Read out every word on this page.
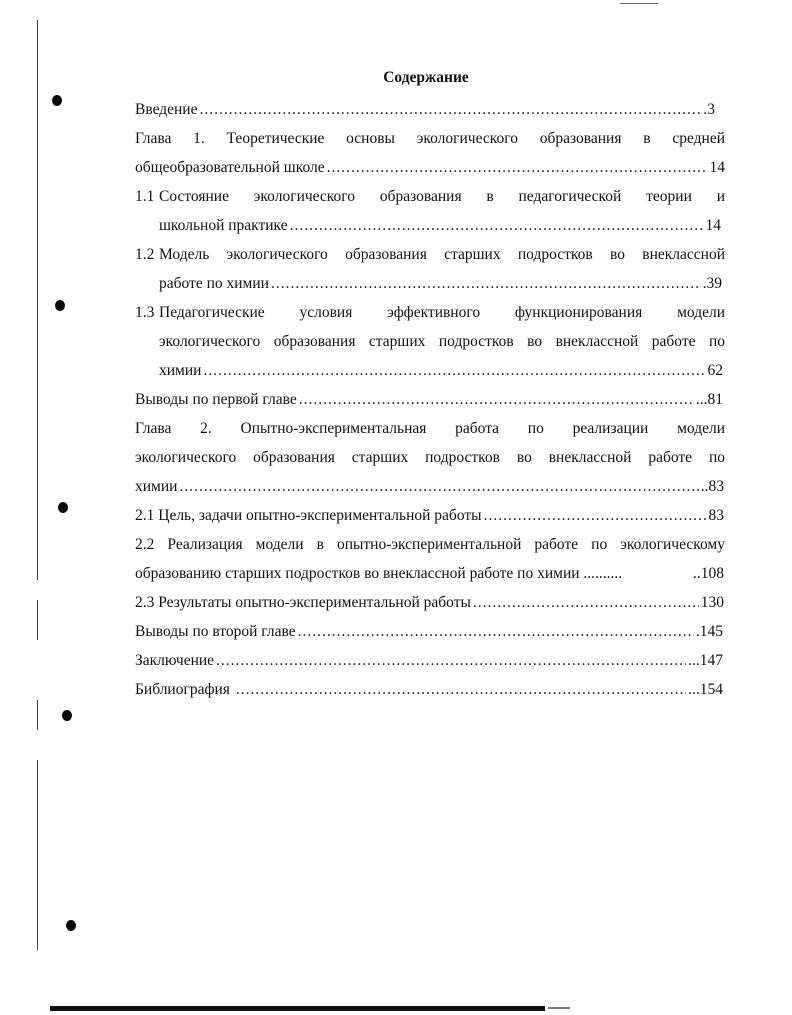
Содержание
Введение .....	.3
Глава 1. Теоретические основы экологического образования в средней
общеобразовательной школе .....	14
1.1 Состояние экологического образования в педагогической теории и
школьной практике .....	14
1.2 Модель экологического образования старших подростков во внеклассной
работе по химии .....	.39
1.3 Педагогические условия эффективного функционирования модели
экологического образования старших подростков во внеклассной работе по
химии .....	62
Выводы по первой главе .....	...81
Глава 2. Опытно-экспериментальная работа по реализации модели
экологического образования старших подростков во внеклассной работе по
химии .....	..83
2.1 Цель, задачи опытно-экспериментальной работы .....	83
2.2 Реализация модели в опытно-экспериментальной работе по экологическому
образованию старших подростков во внеклассной работе по химии ..........	..108
2.3 Результаты опытно-экспериментальной работы .....	130
Выводы по второй главе .....	.145
Заключение .....	...147
Библиография .....	...154
